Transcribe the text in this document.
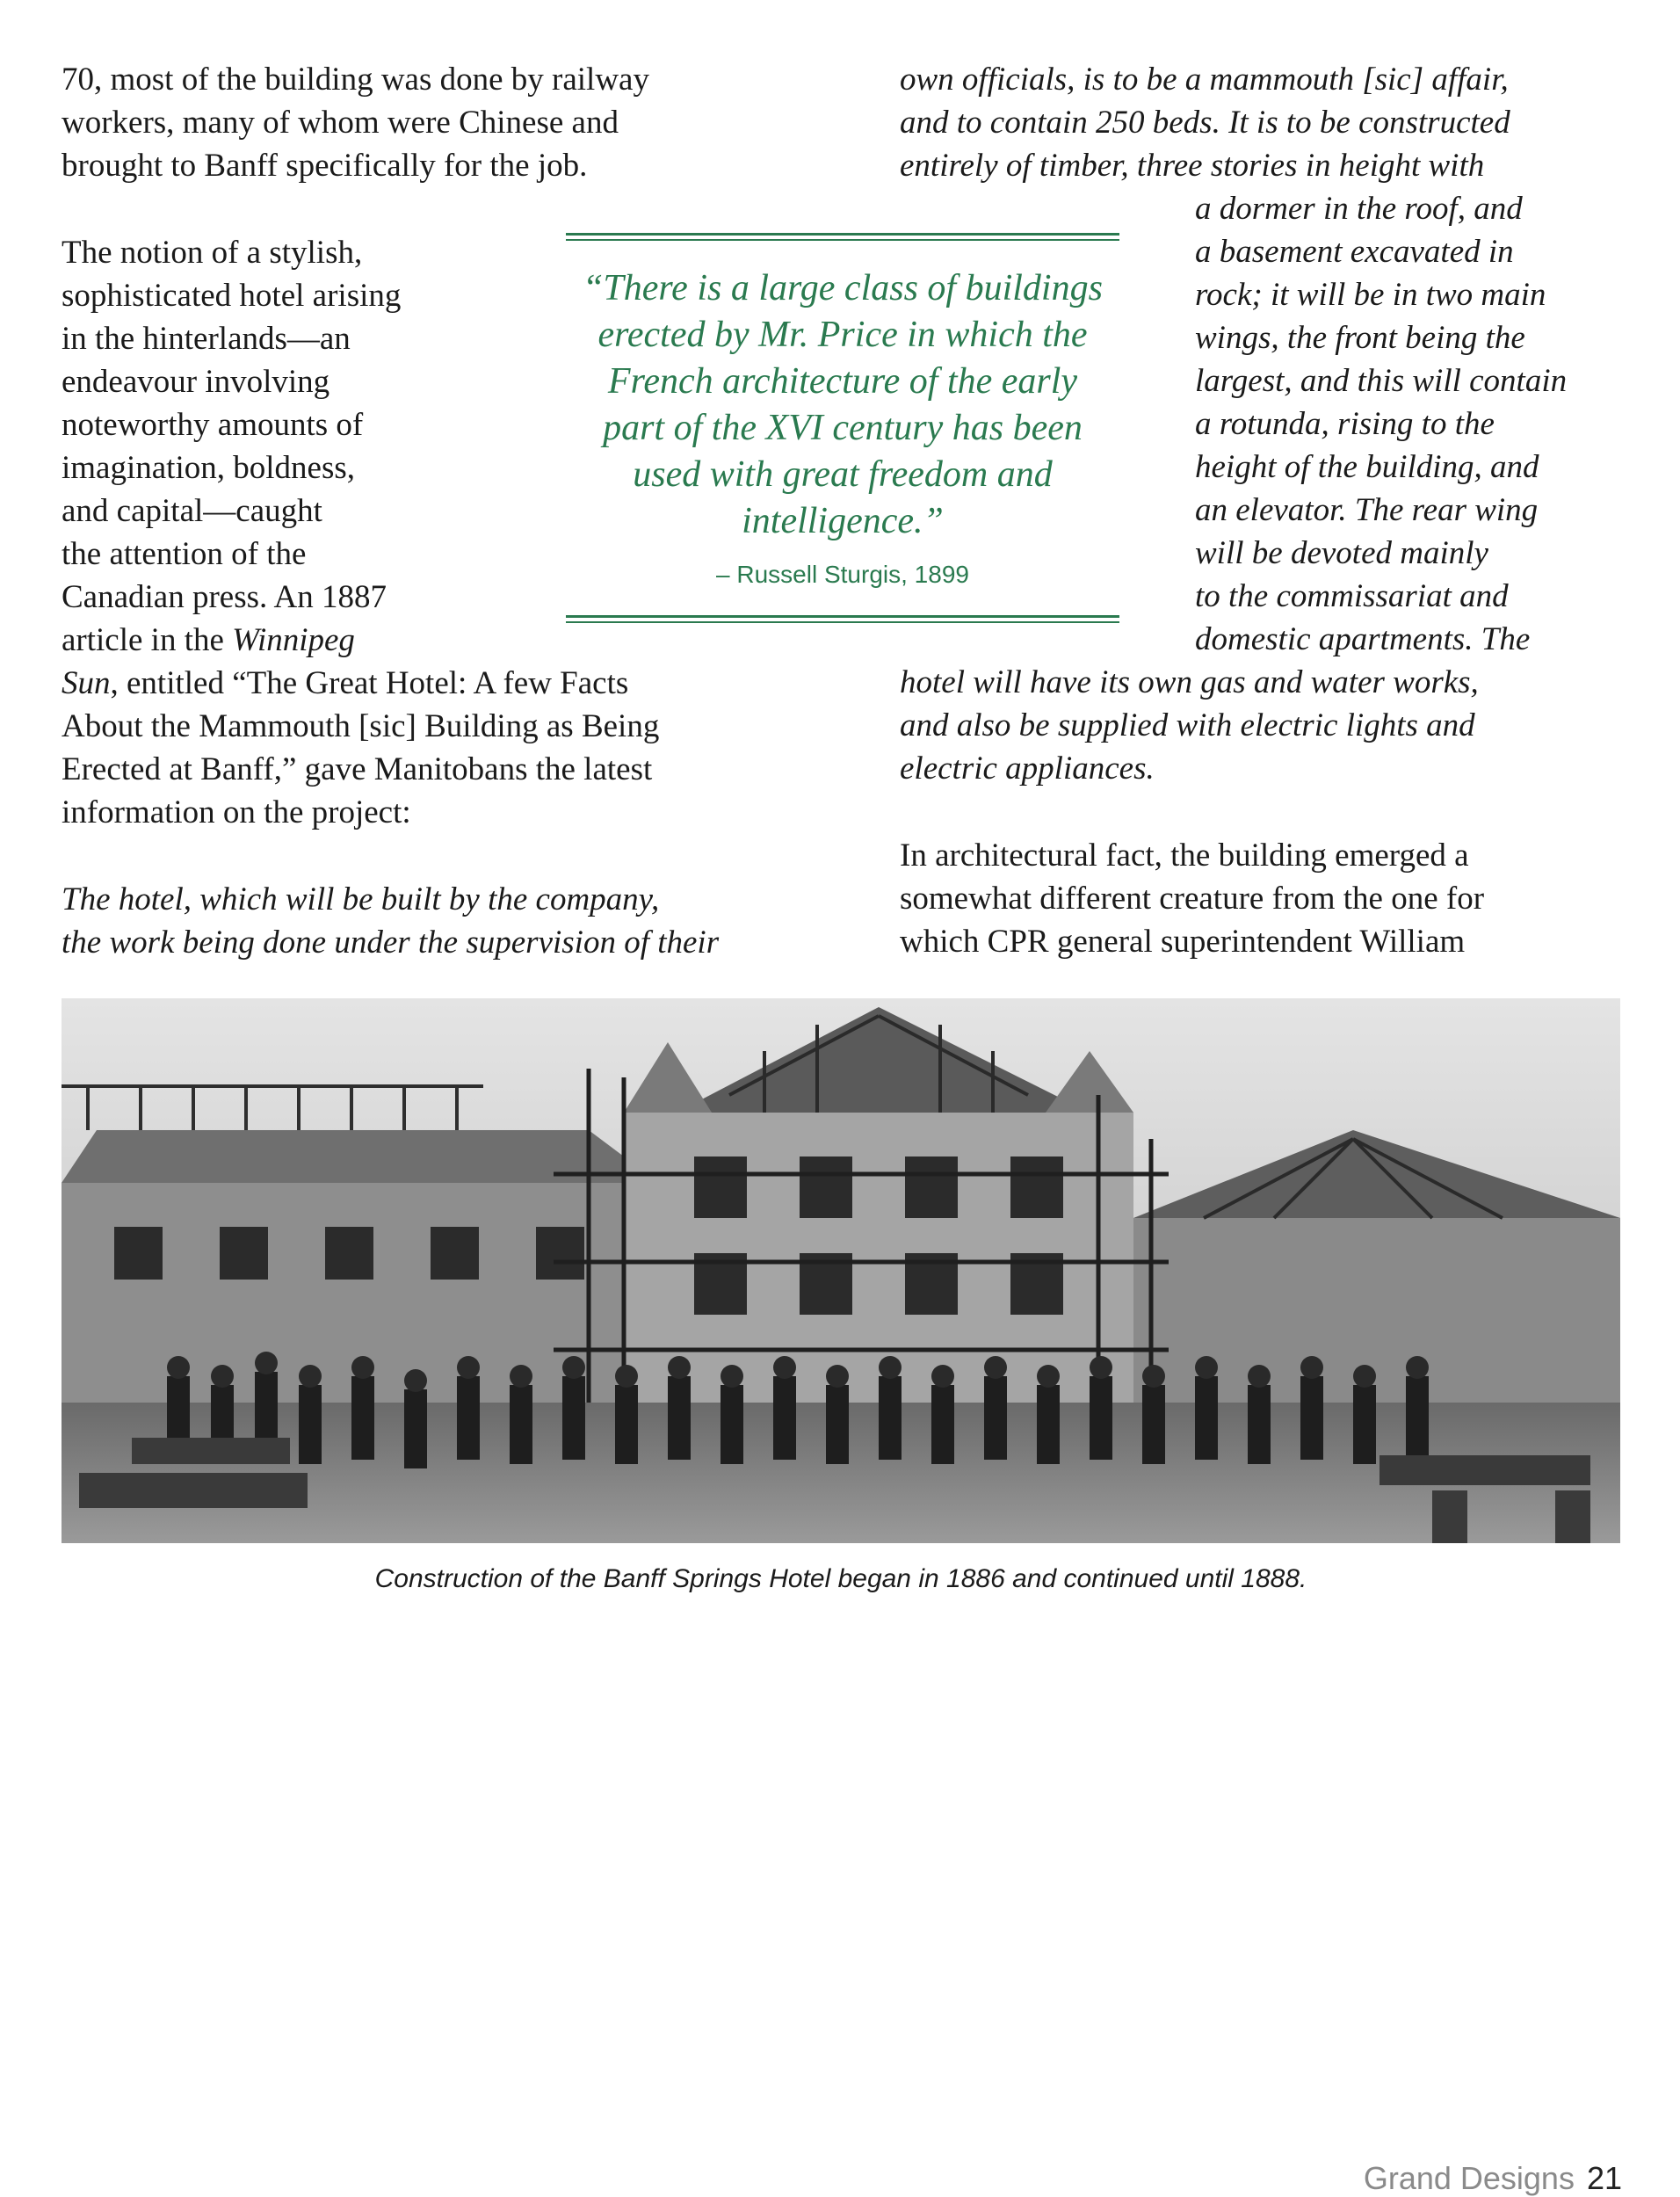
70, most of the building was done by railway
workers, many of whom were Chinese and
brought to Banff specifically for the job.
The notion of a stylish,
sophisticated hotel arising
in the hinterlands—an
endeavour involving
noteworthy amounts of
imagination, boldness,
and capital—caught
the attention of the
Canadian press. An 1887
article in the Winnipeg
Sun, entitled “The Great Hotel: A few Facts
About the Mammouth [sic] Building as Being
Erected at Banff,” gave Manitobans the latest
information on the project:
The hotel, which will be built by the company,
the work being done under the supervision of their
own officials, is to be a mammouth [sic] affair,
and to contain 250 beds. It is to be constructed
entirely of timber, three stories in height with
a dormer in the roof, and
a basement excavated in
rock; it will be in two main
wings, the front being the
largest, and this will contain
a rotunda, rising to the
height of the building, and
an elevator. The rear wing
will be devoted mainly
to the commissariat and
domestic apartments. The
hotel will have its own gas and water works,
and also be supplied with electric lights and
electric appliances.
In architectural fact, the building emerged a
somewhat different creature from the one for
which CPR general superintendent William
“There is a large class of buildings
erected by Mr. Price in which the
French architecture of the early
part of the XVI century has been
used with great freedom and
intelligence.”
– Russell Sturgis, 1899
Construction of the Banff Springs Hotel began in 1886 and continued until 1888.
Grand Designs 21
